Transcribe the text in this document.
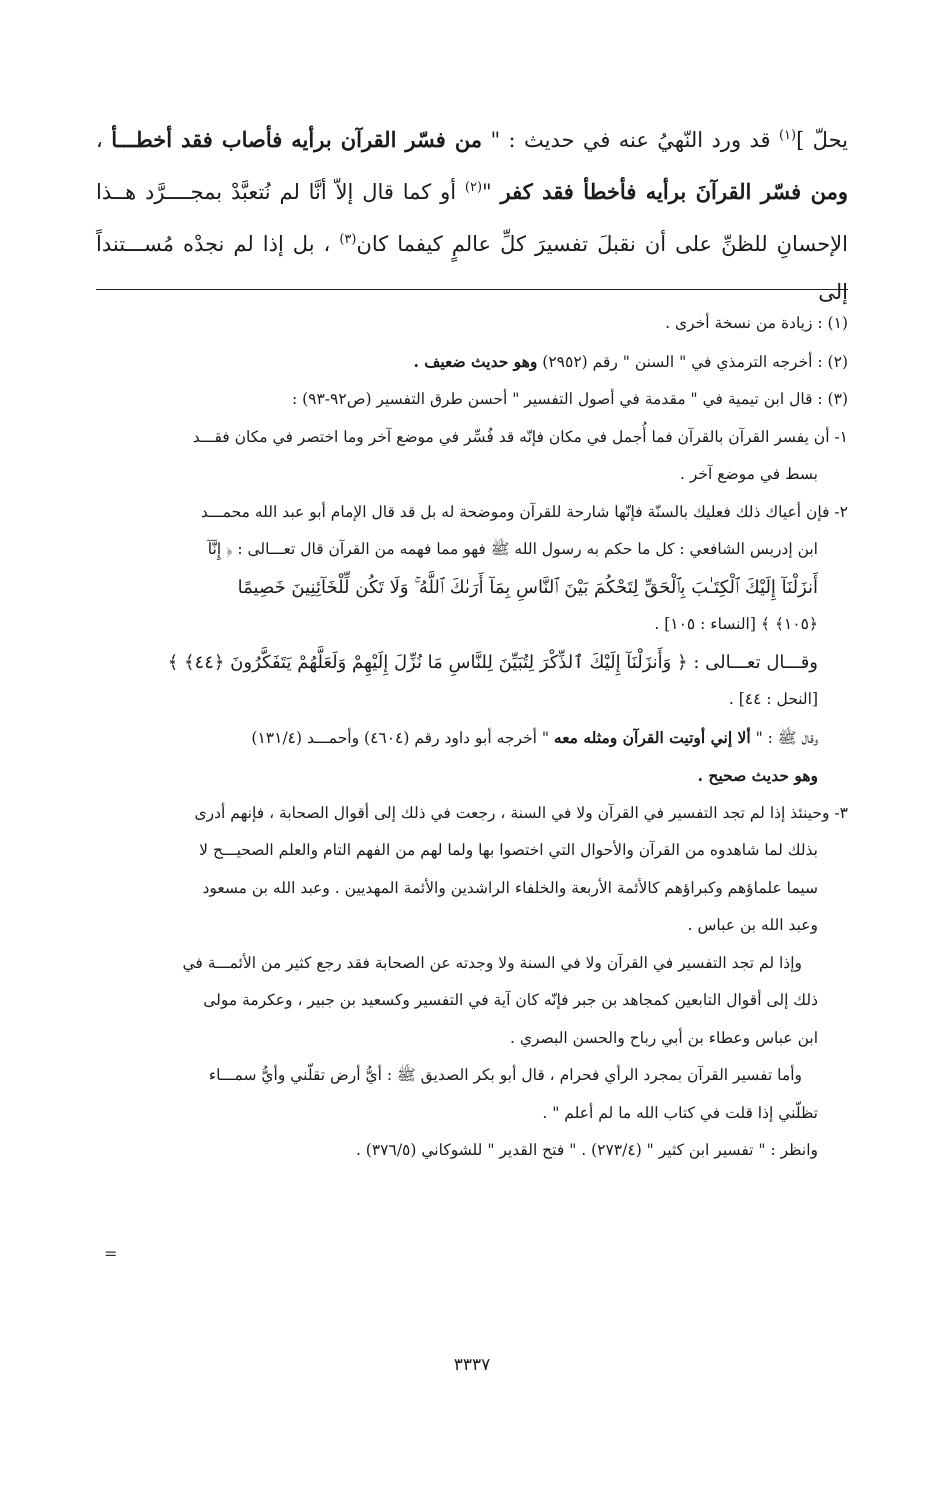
يحلّ ]$^{(١)}$ قد ورد النّهيُ عنه في حديث : " من فسّر القرآن برأيه فأصاب فقد أخطـــأ ،

ومن فسّر القرآنَ برأيه فأخطأ فقد كفر "$^{(٢)}$ أو كما قال إلاّ أنَّا لم نُتعبَّدْ بمجــــرَّد هــذا

الإحسانِ للظنِّ على أن نقبلَ تفسيرَ كلِّ عالمٍ كيفما كان$^{(٣)}$ ، بل إذا لم نجدْه مُســـتنداً إلى

(١) : زيادة من نسخة أخرى .

(٢) : أخرجه الترمذي في " السنن " رقم (٢٩٥٢) وهو حديث ضعيف .

(٣) : قال ابن تيمية في " مقدمة في أصول التفسير " أحسن طرق التفسير (ص٩٢-٩٣) :

١- أن يفسر القرآن بالقرآن فما أُجمل في مكان فإنّه قد فُسِّر في موضع آخر وما اختصر في مكان فقـــد

بسط في موضع آخر .

٢- فإن أعياك ذلك فعليك بالسنّة فإنّها شارحة للقرآن وموضحة له بل قد قال الإمام أبو عبد الله محمـــد

ابن إدريس الشافعي : كل ما حكم به رسول الله ﷺ فهو مما فهمه من القرآن قال تعـــالى : ﴿ إِنَّآ

أَنزَلْنَآ إِلَيْكَ ٱلْكِتَـٰبَ بِٱلْحَقِّ لِتَحْكُمَ بَيْنَ ٱلنَّاسِ بِمَآ أَرَىٰكَ ٱللَّهُ ۚ وَلَا تَكُن لِّلْخَآئِنِينَ خَصِيمًا

﴿١٠٥﴾ ﴾ [النساء : ١٠٥] .

وقـــال تعـــالى : ﴿ وَأَنزَلْنَآ إِلَيْكَ ٱلذِّكْرَ لِتُبَيِّنَ لِلنَّاسِ مَا نُزِّلَ إِلَيْهِمْ وَلَعَلَّهُمْ يَتَفَكَّرُونَ ﴿٤٤﴾ ﴾

[النحل : ٤٤] .

وقال ﷺ : " ألا إني أوتيت القرآن ومثله معه " أخرجه أبو داود رقم (٤٦٠٤) وأحمـــد (١٣١/٤)

وهو حديث صحيح .

٣- وحينئذ إذا لم تجد التفسير في القرآن ولا في السنة ، رجعت في ذلك إلى أقوال الصحابة ، فإنهم أدرى

بذلك لما شاهدوه من القرآن والأحوال التي اختصوا بها ولما لهم من الفهم التام والعلم الصحيـــح لا

سيما علماؤهم وكبراؤهم كالأئمة الأربعة والخلفاء الراشدين والأئمة المهديين . وعبد الله بن مسعود

وعبد الله بن عباس .

وإذا لم تجد التفسير في القرآن ولا في السنة ولا وجدته عن الصحابة فقد رجع كثير من الأئمـــة في

ذلك إلى أقوال التابعين كمجاهد بن جبر فإنّه كان آية في التفسير وكسعيد بن جبير ، وعكرمة مولى

ابن عباس وعطاء بن أبي رباح والحسن البصري .

وأما تفسير القرآن بمجرد الرأي فحرام ، قال أبو بكر الصديق ﷺ : أيُّ أرض تقلّني وأيُّ سمـــاء

تظلّني إذا قلت في كتاب الله ما لم أعلم " .

وانظر : " تفسير ابن كثير " (٢٧٣/٤) . " فتح القدير " للشوكاني (٣٧٦/٥) .

=
٣٣٣٧
